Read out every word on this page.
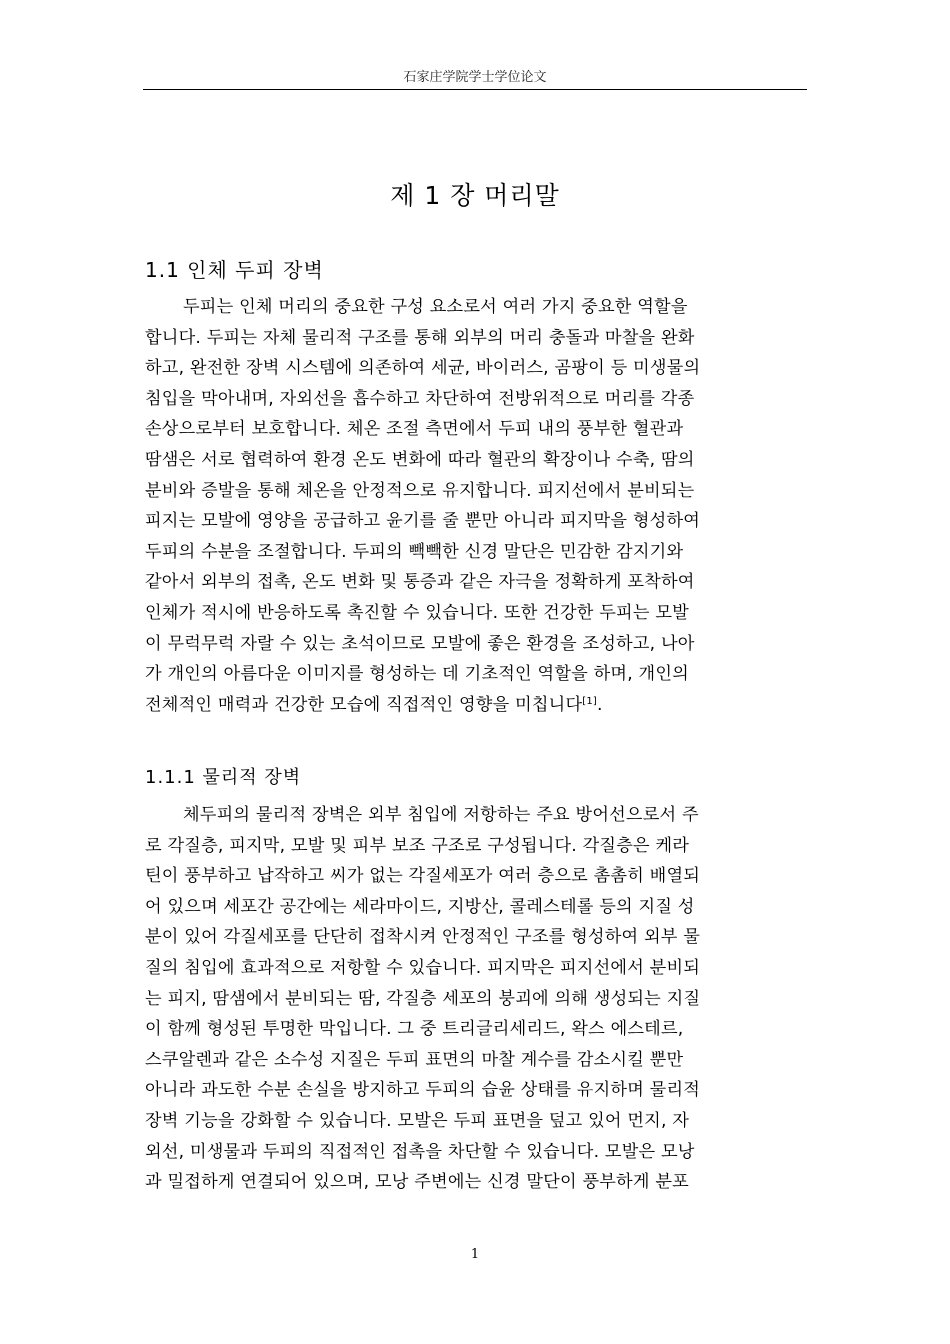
石家庄学院学士学位论文
제 1 장 머리말
1.1 인체 두피 장벽
두피는 인체 머리의 중요한 구성 요소로서 여러 가지 중요한 역할을
합니다. 두피는 자체 물리적 구조를 통해 외부의 머리 충돌과 마찰을 완화
하고, 완전한 장벽 시스템에 의존하여 세균, 바이러스, 곰팡이 등 미생물의
침입을 막아내며, 자외선을 흡수하고 차단하여 전방위적으로 머리를 각종
손상으로부터 보호합니다. 체온 조절 측면에서 두피 내의 풍부한 혈관과
땀샘은 서로 협력하여 환경 온도 변화에 따라 혈관의 확장이나 수축, 땀의
분비와 증발을 통해 체온을 안정적으로 유지합니다. 피지선에서 분비되는
피지는 모발에 영양을 공급하고 윤기를 줄 뿐만 아니라 피지막을 형성하여
두피의 수분을 조절합니다. 두피의 빽빽한 신경 말단은 민감한 감지기와
같아서 외부의 접촉, 온도 변화 및 통증과 같은 자극을 정확하게 포착하여
인체가 적시에 반응하도록 촉진할 수 있습니다. 또한 건강한 두피는 모발
이 무럭무럭 자랄 수 있는 초석이므로 모발에 좋은 환경을 조성하고, 나아
가 개인의 아름다운 이미지를 형성하는 데 기초적인 역할을 하며, 개인의
전체적인 매력과 건강한 모습에 직접적인 영향을 미칩니다[1].
1.1.1 물리적 장벽
체두피의 물리적 장벽은 외부 침입에 저항하는 주요 방어선으로서 주
로 각질층, 피지막, 모발 및 피부 보조 구조로 구성됩니다. 각질층은 케라
틴이 풍부하고 납작하고 씨가 없는 각질세포가 여러 층으로 촘촘히 배열되
어 있으며 세포간 공간에는 세라마이드, 지방산, 콜레스테롤 등의 지질 성
분이 있어 각질세포를 단단히 접착시켜 안정적인 구조를 형성하여 외부 물
질의 침입에 효과적으로 저항할 수 있습니다. 피지막은 피지선에서 분비되
는 피지, 땀샘에서 분비되는 땀, 각질층 세포의 붕괴에 의해 생성되는 지질
이 함께 형성된 투명한 막입니다. 그 중 트리글리세리드, 왁스 에스테르,
스쿠알렌과 같은 소수성 지질은 두피 표면의 마찰 계수를 감소시킬 뿐만
아니라 과도한 수분 손실을 방지하고 두피의 습윤 상태를 유지하며 물리적
장벽 기능을 강화할 수 있습니다. 모발은 두피 표면을 덮고 있어 먼지, 자
외선, 미생물과 두피의 직접적인 접촉을 차단할 수 있습니다. 모발은 모낭
과 밀접하게 연결되어 있으며, 모낭 주변에는 신경 말단이 풍부하게 분포
1
